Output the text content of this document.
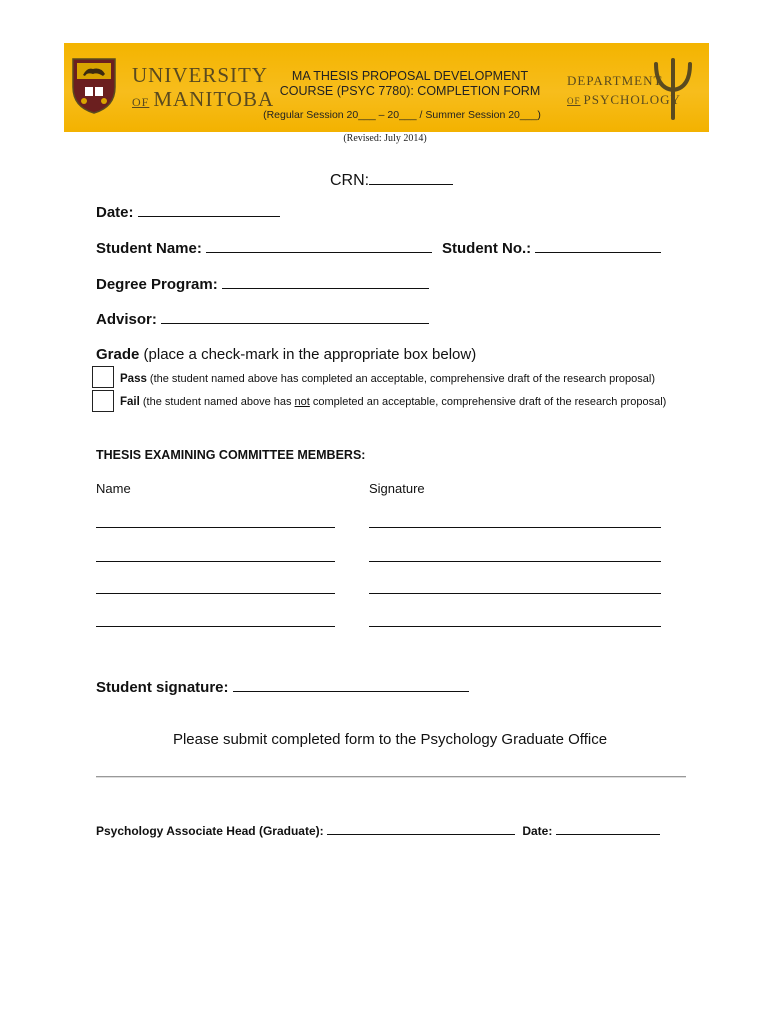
UNIVERSITY
OF MANITOBA
MA THESIS PROPOSAL DEVELOPMENT
COURSE (PSYC 7780): COMPLETION FORM
(Regular Session 20___ – 20___ / Summer Session 20___)
DEPARTMENT
OF PSYCHOLOGY
(Revised: July 2014)
CRN:
Date:
Student Name:	Student No.:
Degree Program:
Advisor:
Grade (place a check-mark in the appropriate box below)
Pass (the student named above has completed an acceptable, comprehensive draft of the research proposal)
Fail (the student named above has not completed an acceptable, comprehensive draft of the research proposal)
THESIS EXAMINING COMMITTEE MEMBERS:
Name	Signature
Student signature:
Please submit completed form to the Psychology Graduate Office
Psychology Associate Head (Graduate):	Date:
